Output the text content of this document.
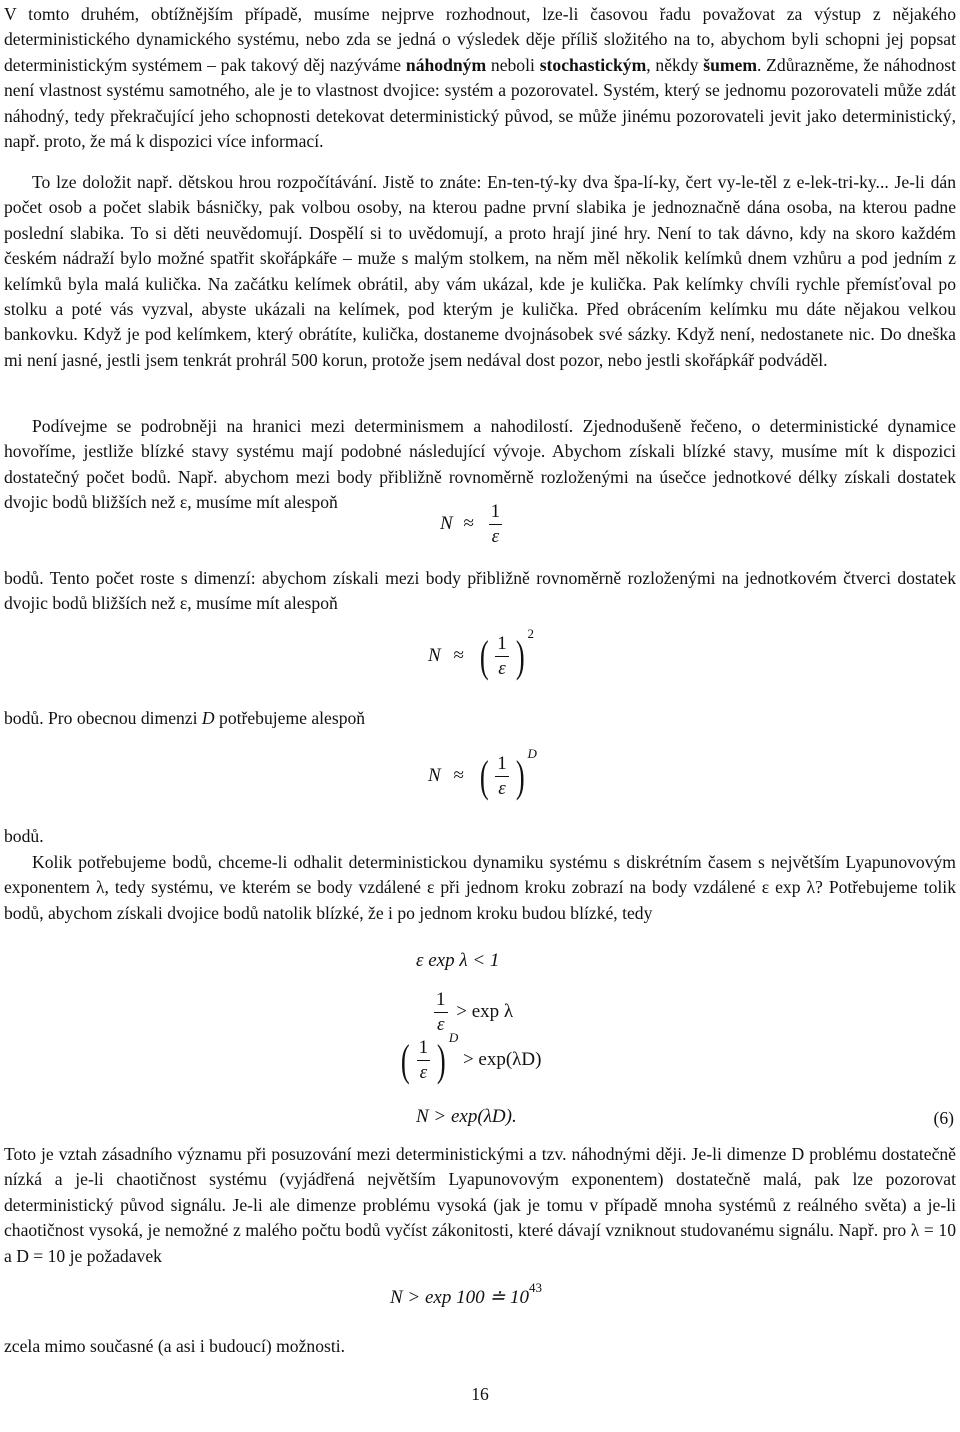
V tomto druhém, obtížnějším případě, musíme nejprve rozhodnout, lze-li časovou řadu považovat za výstup z nějakého deterministického dynamického systému, nebo zda se jedná o výsledek děje příliš složitého na to, abychom byli schopni jej popsat deterministickým systémem – pak takový děj nazýváme náhodným neboli stochastickým, někdy šumem. Zdůrazněme, že náhodnost není vlastnost systému samotného, ale je to vlastnost dvojice: systém a pozorovatel. Systém, který se jednomu pozorovateli může zdát náhodný, tedy překračující jeho schopnosti detekovat deterministický původ, se může jinému pozorovateli jevit jako deterministický, např. proto, že má k dispozici více informací.

To lze doložit např. dětskou hrou rozpočítávání. Jistě to znáte: En-ten-tý-ky dva špa-lí-ky, čert vy-le-těl z e-lek-tri-ky... Je-li dán počet osob a počet slabik básničky, pak volbou osoby, na kterou padne první slabika je jednoznačně dána osoba, na kterou padne poslední slabika. To si děti neuvědomují. Dospělí si to uvědomují, a proto hrají jiné hry. Není to tak dávno, kdy na skoro každém českém nádraží bylo možné spatřit skořápkáře – muže s malým stolkem, na něm měl několik kelímků dnem vzhůru a pod jedním z kelímků byla malá kulička. Na začátku kelímek obrátil, aby vám ukázal, kde je kulička. Pak kelímky chvíli rychle přemísťoval po stolku a poté vás vyzval, abyste ukázali na kelímek, pod kterým je kulička. Před obrácením kelímku mu dáte nějakou velkou bankovku. Když je pod kelímkem, který obrátíte, kulička, dostaneme dvojnásobek své sázky. Když není, nedostanete nic. Do dneška mi není jasné, jestli jsem tenkrát prohrál 500 korun, protože jsem nedával dost pozor, nebo jestli skořápkář podváděl.

Podívejme se podrobněji na hranici mezi determinismem a nahodilostí. Zjednodušeně řečeno, o deterministické dynamice hovoříme, jestliže blízké stavy systému mají podobné následující vývoje. Abychom získali blízké stavy, musíme mít k dispozici dostatečný počet bodů. Např. abychom mezi body přibližně rovnoměrně rozloženými na úsečce jednotkové délky získali dostatek dvojic bodů bližších než ε, musíme mít alespoň

$N \approx \frac{1}{\varepsilon}$

bodů. Tento počet roste s dimenzí: abychom získali mezi body přibližně rovnoměrně rozloženými na jednotkovém čtverci dostatek dvojic bodů bližších než ε, musíme mít alespoň

N ≈ ( $\frac{1}{\varepsilon}$ ) $^2$

bodů. Pro obecnou dimenzi D potřebujeme alespoň

N ≈ ( $\frac{1}{\varepsilon}$ ) $^D$

bodů.

Kolik potřebujeme bodů, chceme-li odhalit deterministickou dynamiku systému s diskrétním časem s největším Lyapunovovým exponentem λ, tedy systému, ve kterém se body vzdálené ε při jednom kroku zobrazí na body vzdálené ε exp λ? Potřebujeme tolik bodů, abychom získali dvojice bodů natolik blízké, že i po jednom kroku budou blízké, tedy

ε exp λ < 1
$\frac{1}{\varepsilon} > \exp \lambda$
( $\frac{1}{\varepsilon}$ ) $^D$ > exp(λD)
N > exp(λD).	(6)

Toto je vztah zásadního významu při posuzování mezi deterministickými a tzv. náhodnými ději. Je-li dimenze D problému dostatečně nízká a je-li chaotičnost systému (vyjádřená největším Lyapunovovým exponentem) dostatečně malá, pak lze pozorovat deterministický původ signálu. Je-li ale dimenze problému vysoká (jak je tomu v případě mnoha systémů z reálného světa) a je-li chaotičnost vysoká, je nemožné z malého počtu bodů vyčíst zákonitosti, které dávají vzniknout studovanému signálu. Např. pro λ = 10 a D = 10 je požadavek

N > exp 100 ≐ $10^{43}$

zcela mimo současné (a asi i budoucí) možnosti.

16
